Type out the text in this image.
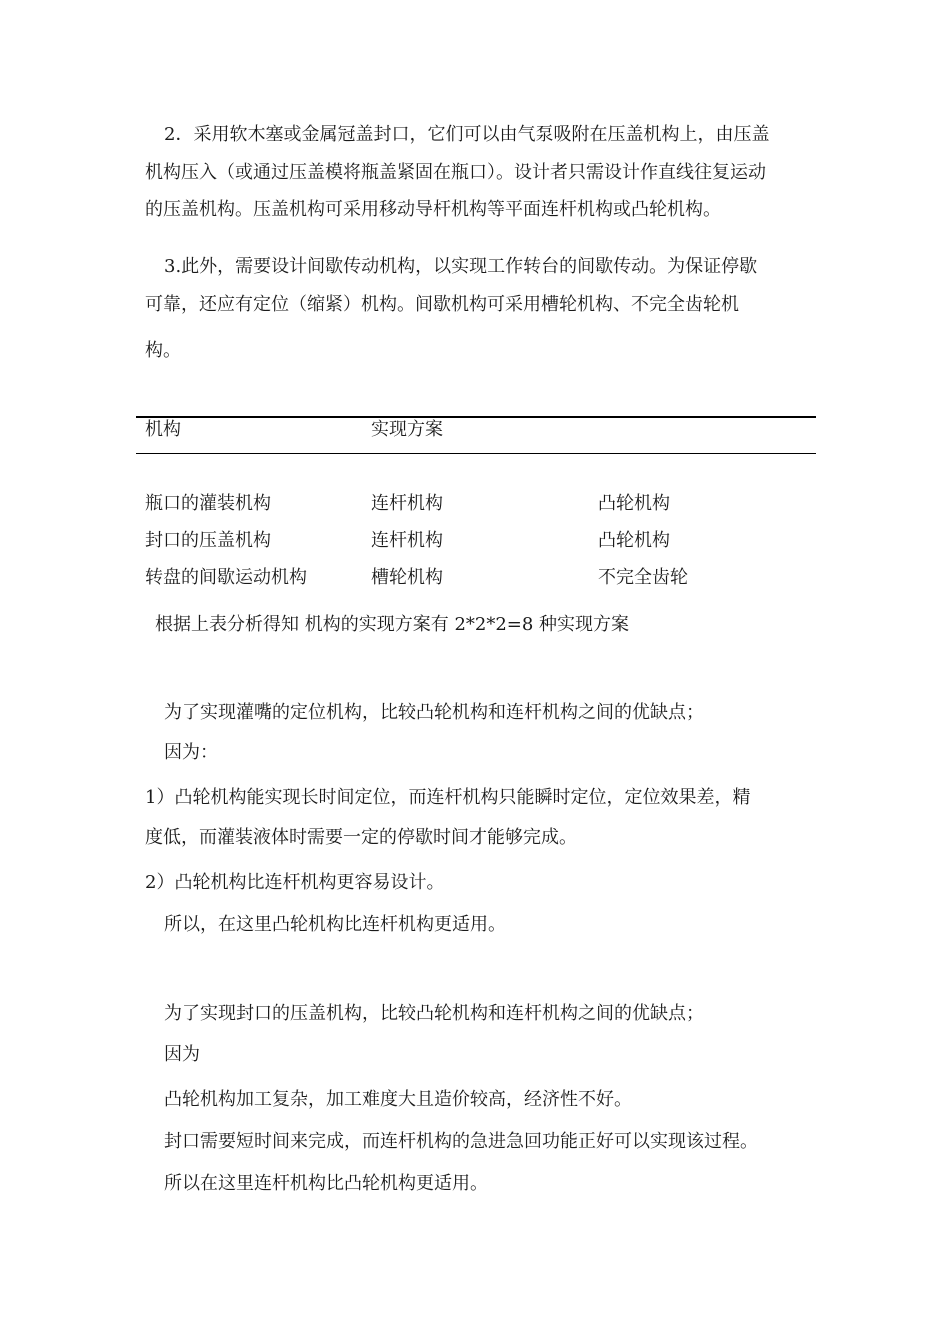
2．采用软木塞或金属冠盖封口，它们可以由气泵吸附在压盖机构上，由压盖
机构压入（或通过压盖模将瓶盖紧固在瓶口）。设计者只需设计作直线往复运动
的压盖机构。压盖机构可采用移动导杆机构等平面连杆机构或凸轮机构。
3.此外，需要设计间歇传动机构，以实现工作转台的间歇传动。为保证停歇
可靠，还应有定位（缩紧）机构。间歇机构可采用槽轮机构、不完全齿轮机
构。
机构	实现方案
瓶口的灌装机构	连杆机构	凸轮机构
封口的压盖机构	连杆机构	凸轮机构
转盘的间歇运动机构	槽轮机构	不完全齿轮
根据上表分析得知 机构的实现方案有 2*2*2=8 种实现方案
为了实现灌嘴的定位机构，比较凸轮机构和连杆机构之间的优缺点；
因为：
1）凸轮机构能实现长时间定位，而连杆机构只能瞬时定位，定位效果差，精
度低，而灌装液体时需要一定的停歇时间才能够完成。
2）凸轮机构比连杆机构更容易设计。
所以，在这里凸轮机构比连杆机构更适用。
为了实现封口的压盖机构，比较凸轮机构和连杆机构之间的优缺点；
因为
凸轮机构加工复杂，加工难度大且造价较高，经济性不好。
封口需要短时间来完成，而连杆机构的急进急回功能正好可以实现该过程。
所以在这里连杆机构比凸轮机构更适用。
